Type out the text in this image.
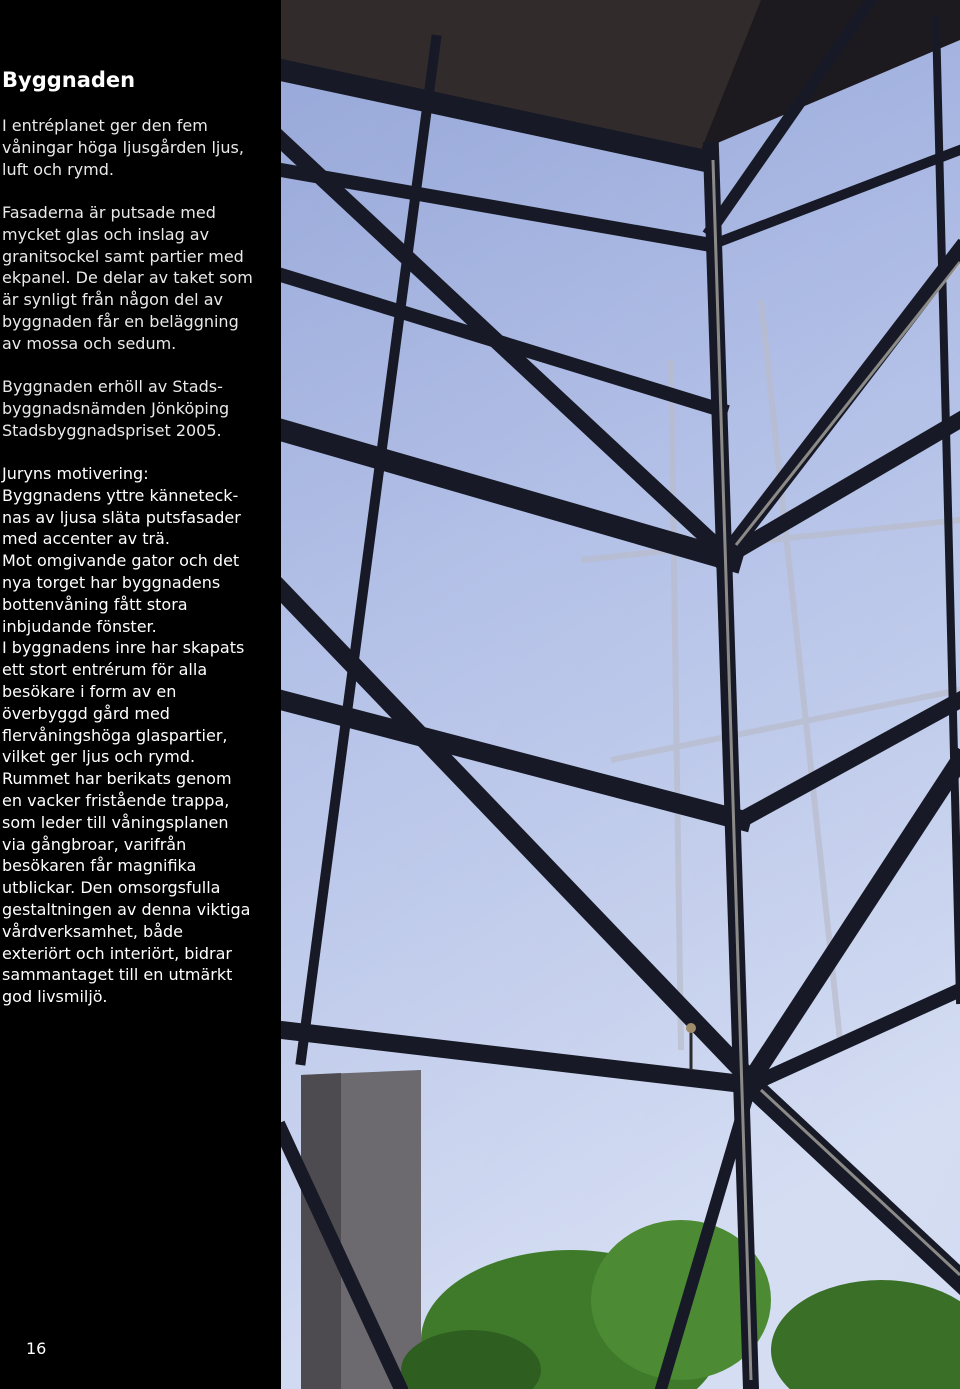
Byggnaden

I entréplanet ger den fem
våningar höga ljusgården ljus,
luft och rymd.

Fasaderna är putsade med
mycket glas och inslag av
granitsockel samt partier med
ekpanel. De delar av taket som
är synligt från någon del av
byggnaden får en beläggning
av mossa och sedum.

Byggnaden erhöll av Stads-
byggnadsnämden Jönköping
Stadsbyggnadspriset 2005.

Juryns motivering:
Byggnadens yttre känneteck-
nas av ljusa släta putsfasader
med accenter av trä.
Mot omgivande gator och det
nya torget har byggnadens
bottenvåning fått stora
inbjudande fönster.
I byggnadens inre har skapats
ett stort entrérum för alla
besökare i form av en
överbyggd gård med
flervåningshöga glaspartier,
vilket ger ljus och rymd.
Rummet har berikats genom
en vacker fristående trappa,
som leder till våningsplanen
via gångbroar, varifrån
besökaren får magnifika
utblickar. Den omsorgsfulla
gestaltningen av denna viktiga
vårdverksamhet, både
exteriört och interiört, bidrar
sammantaget till en utmärkt
god livsmiljö.

16
